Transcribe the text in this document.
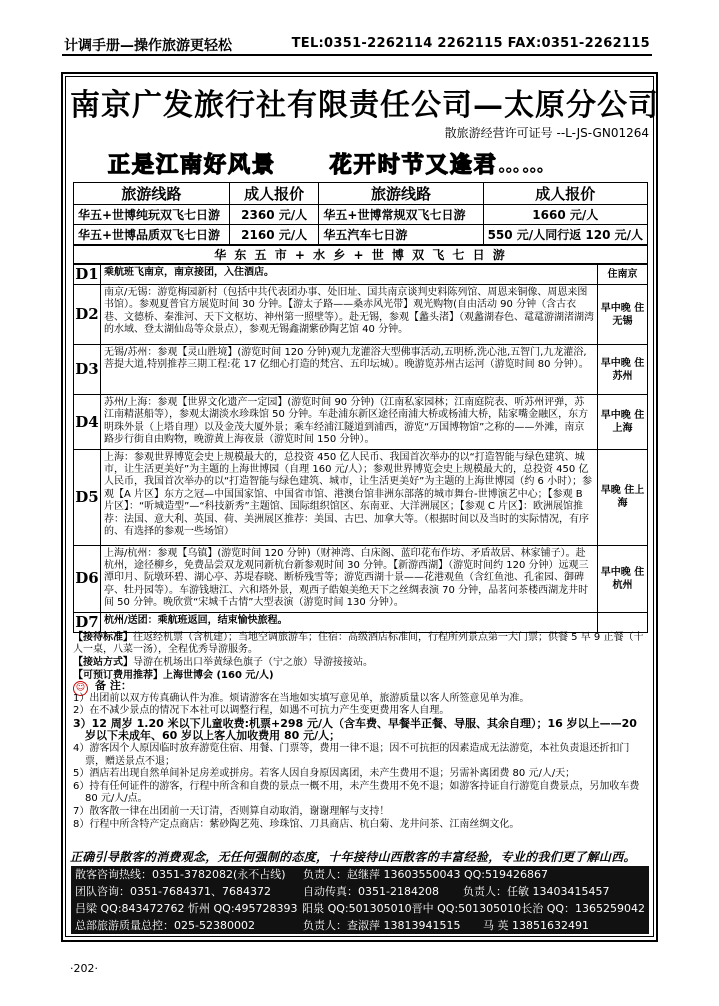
计调手册—操作旅游更轻松	TEL:0351-2262114 2262115 FAX:0351-2262115
南京广发旅行社有限责任公司—太原分公司
散旅游经营许可证号 --L-JS-GN01264
正是江南好风景 花开时节又逢君……
旅游线路	成人报价	旅游线路	成人报价
华五+世博纯玩双飞七日游	2360 元/人	华五+世博常规双飞七日游	1660 元/人
华五+世博品质双飞七日游	2160 元/人	华五汽车七日游	550 元/人同行返 120 元/人
华 东 五 市 + 水 乡 + 世 博 双 飞 七 日 游
D1	乘航班飞南京，南京接团，入住酒店。	住南京
D2	南京/无锡：游览梅园新村（包括中共代表团办事、处旧址、国共南京谈判史料陈列馆、周恩来铜像、周恩来图书馆）。参观夏普官方展览时间 30 分钟。【游太子路——桑赤风光带】观光购物(自由活动 90 分钟（含古衣巷、文德桥、秦淮河、天下文枢坊、神州第一照壁等）。赴无锡，参观【蠡头渚】（观蠡湖春色、鼋鼋游湖渚湖湾的水域、登太湖仙岛等众景点），参观无锡鑫湖紫砂陶艺馆 40 分钟。	早中晚 住无锡
D3	无锡/苏州：参观【灵山胜境】(游览时间 120 分钟)观九龙灌浴大型佛事活动,五明桥,洗心池,五智门,九龙灌浴,菩提大道,特别推荐三期工程:花 17 亿细心打造的梵宫、五印坛城）。晚游览苏州古运河（游览时间 80 分钟）。	早中晚 住苏州
D4	苏州/上海：参观【世界文化遗产一定园】(游览时间 90 分钟)（江南私家园林；江南庭院表、听苏州评弹，苏江南精湛船等），参观太湖淡水珍珠馆 50 分钟。车赴浦东新区途径南浦大桥或杨浦大桥，陆家嘴金融区，东方明珠外景（上塔自理）以及金茂大厦外景；乘车经浦江隧道到浦西，游览“万国博物馆”之称的——外滩，南京路步行街自由购物，晚游黄上海夜景（游览时间 150 分钟）。	早中晚 住上海
D5	上海：参观世界博览会史上规模最大的，总投资 450 亿人民币、我国首次举办的以“打造智能与绿色建筑、城市，让生活更美好”为主题的上海世博园（自理 160 元/人）；参观世界博览会史上规模最大的，总投资 450 亿人民币，我国首次举办的以“打造智能与绿色建筑、城市，让生活更美好”为主题的上海世博园（约 6 小时）；参观【A 片区】东方之冠—中国国家馆、中国省市馆、港澳台馆非洲东部落的城市舞台-世博演艺中心；【参观 B 片区】：“听城造型”—“科技新秀”主题馆、国际组织馆区、东南亚、大洋洲展区；【参观 C 片区】：欧洲展馆推荐：法国、意大利、英国、荷、美洲展区推荐：美国、古巴、加拿大等。（根据时间以及当时的实际情况，有序的、有选择的参观一些场馆）	早晚 住上海
D6	上海/杭州：参观【乌镇】(游览时间 120 分钟)（财神湾、白床阁、蓝印花布作坊、矛盾故居、林家铺子）。赴杭州，途径柳乡，免费品尝双龙观同新杭台新参观时间 30 分钟。【新游西湖】（游览时间约 120 分钟）远观三潭印月、阮墩环碧、湖心亭、苏堤春晓、断桥残雪等；游览西湖十景——花港观鱼（含红鱼池、孔雀园、御碑亭、牡丹园等）。车游钱塘江、六和塔外景，观西子皓娘美绝天下之丝绸表演 70 分钟，品茗问茶楼西湖龙井时间 50 分钟。晚欣赏“宋城千古情”大型表演（游览时间 130 分钟）。	早中晚 住杭州
D7	杭州/送团：乘航班返回，结束愉快旅程。	
【接待标准】往返经机票（含机建）；当地空调旅游车；住宿：高级酒店标准间，行程所列景点第一大门票；供餐 5 早 9 正餐（十人一桌，八菜一汤），全程优秀导游服务。
【接站方式】导游在机场出口举黄绿色旗子（宁之旅）导游接接站。
【可预订费用推荐】上海世博会 (160 元/人)
☺ 备 注：
1）出团前以双方传真确认件为准。烦请游客在当地如实填写意见单，旅游质量以客人所签意见单为准。
2）在不减少景点的情况下本社可以调整行程，如遇不可抗力产生变更费用客人自理。
3）12 周岁 1.20 米以下儿童收费:机票+298 元/人（含车费、早餐半正餐、导服、其余自理）；16 岁以上——20 岁以下未成年、60 岁以上客人加收费用 80 元/人；
4）游客因个人原因临时放弃游览住宿、用餐、门票等，费用一律不退；因不可抗拒的因素造成无法游览，本社负责退还折扣门票，赠送景点不退；
5）酒店若出现自然单间补足房差或拼房。若客人因自身原因离团，未产生费用不退；另需补离团费 80 元/人/天；
6）持有任何证件的游客，行程中所含和自费的景点一概不用，未产生费用不免不退；如游客持证自行游览自费景点，另加收车费 80 元/人/点。
7）散客散一律在出团前一天订清，否则算自动取消，谢谢理解与支持！
8）行程中所含特产定点商店：紫砂陶艺苑、珍珠馆、刀具商店、杭白菊、龙井问茶、江南丝绸文化。
正确引导散客的消费观念，无任何强制的态度，十年接待山西散客的丰富经验，专业的我们更了解山西。
散客咨询热线：0351-3782082(永不占线)	负责人：赵继萍 13603550043 QQ:519426867
团队咨询：0351-7684371、7684372	自动传真：0351-2184208	负责人：任敏 13403415457
吕梁 QQ:843472762 忻州 QQ:495728393 阳泉 QQ:501305010 晋中 QQ:501305010 长治 QQ：1365259042
总部旅游质量总控：025-52380002	负责人：查淑萍 13813941515	马 英 13851632491
·202·
